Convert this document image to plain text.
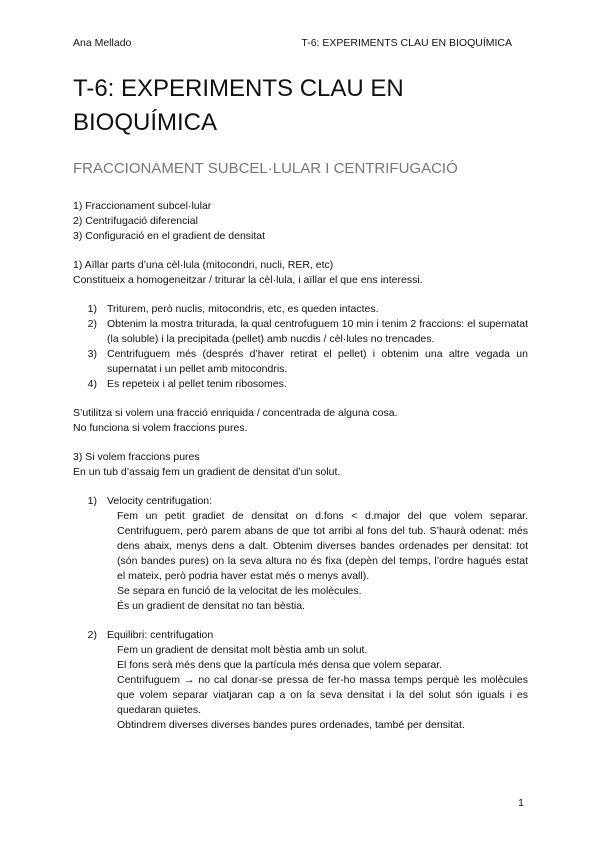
Ana Mellado	T-6: EXPERIMENTS CLAU EN BIOQUÍMICA
T-6: EXPERIMENTS CLAU EN BIOQUÍMICA
FRACCIONAMENT SUBCEL·LULAR I CENTRIFUGACIÓ

1) Fraccionament subcel·lular

2) Centrifugació diferencial

3) Configuració en el gradient de densitat

1) Aïllar parts d’una cèl·lula (mitocondri, nucli, RER, etc)

Constitueix a homogeneitzar / triturar la cèl·lula, i aïllar el que ens interessi.

1) Triturem, però nuclis, mitocondris, etc, es queden intactes.
2) Obtenim la mostra triturada, la qual centrofuguem 10 min i tenim 2 fraccions: el supernatat (la soluble) i la precipitada (pellet) amb nucdis / cèl·lules no trencades.
3) Centrifuguem més (després d’haver retirat el pellet) i obtenim una altre vegada un supernatat i un pellet amb mitocondris.
4) Es repeteix i al pellet tenim ribosomes.

S’utilitza si volem una fracció enriquida / concentrada de alguna cosa.

No funciona si volem fraccions pures.

3) Si volem fraccions pures

En un tub d’assaig fem un gradient de densitat d’un solut.

1) Velocity centrifugation:

Fem un petit gradiet de densitat on d.fons < d.major del que volem separar. Centrifuguem, però parem abans de que tot arribi al fons del tub. S’haurà odenat: més dens abaix, menys dens a dalt. Obtenim diverses bandes ordenades per densitat: tot (són bandes pures) on la seva altura no és fixa (depèn del temps, l’ordre hagués estat el mateix, però podria haver estat més o menys avall).

Se separa en funció de la velocitat de les molècules.

És un gradient de densitat no tan bèstia.

2) Equilibri: centrifugation

Fem un gradient de densitat molt bèstia amb un solut.

El fons serà més dens que la partícula més densa que volem separar.

Centrifuguem → no cal donar-se pressa de fer-ho massa temps perquè les molècules que volem separar viatjaran cap a on la seva densitat i la del solut són iguals i es quedaran quietes.

Obtindrem diverses diverses bandes pures ordenades, també per densitat.

1
